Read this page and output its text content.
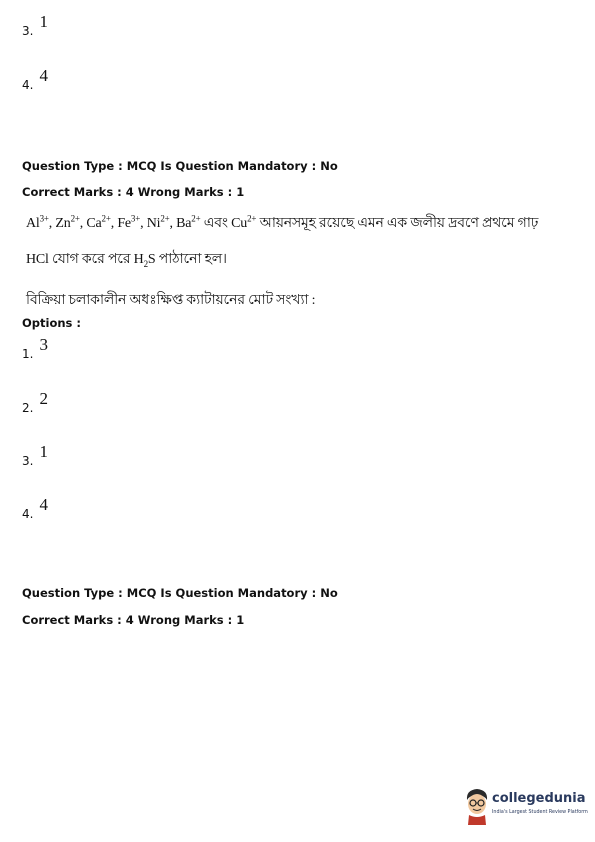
3. 1
4. 4
Question Type : MCQ Is Question Mandatory : No
Correct Marks : 4 Wrong Marks : 1
$Al^{3+}$, $Zn^{2+}$, $Ca^{2+}$, $Fe^{3+}$, $Ni^{2+}$, $Ba^{2+}$ এবং $Cu^{2+}$ আয়নসমূহ রয়েছে এমন এক জলীয় দ্রবণে প্রথমে গাঢ়
HCl যোগ করে পরে $H_2S$ পাঠানো হল।
বিক্রিয়া চলাকালীন অধঃক্ষিপ্ত ক্যাটায়নের মোট সংখ্যা :
Options :
1. 3
2. 2
3. 1
4. 4
Question Type : MCQ Is Question Mandatory : No
Correct Marks : 4 Wrong Marks : 1
collegedunia
India's Largest Student Review Platform
